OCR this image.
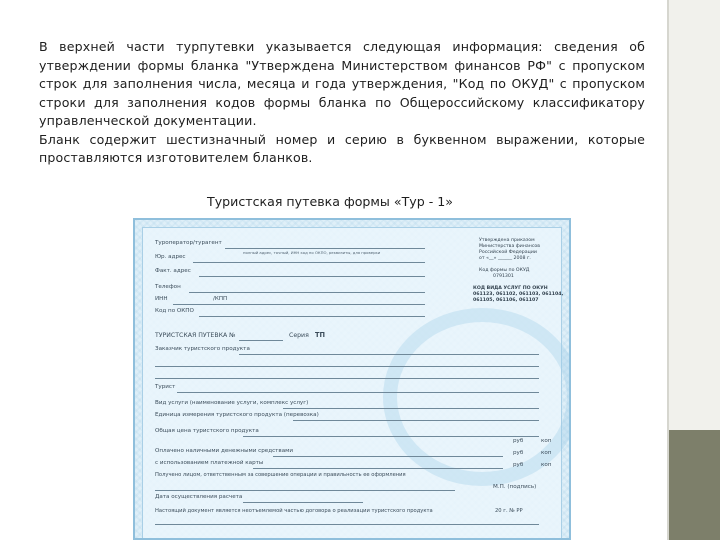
В верхней части турпутевки указывается следующая информация: сведения об утверждении формы бланка "Утверждена Министерством финансов РФ" с пропуском строк для заполнения числа, месяца и года утверждения, "Код по ОКУД" с пропуском строки для заполнения кодов формы бланка по Общероссийскому классификатору управленческой документации.

Бланк содержит шестизначный номер и серию в буквенном выражении, которые проставляются изготовителем бланков.

Туристская путевка формы «Тур - 1»
Туроператор/турагент
полный адрес, точный, ИНН код по ОКПО, реквизиты, для проверки
Юр. адрес
Факт. адрес
Телефон
ИНН	/КПП
Код по ОКПО
Утверждена приказом
Министерства финансов
Российской Федерации
от «__» ______ 2008 г.
Код формы по ОКУД
0791301
КОД ВИДА УСЛУГ ПО ОКУН
061123, 061102, 061103, 061104,
061105, 061106, 061107
ТУРИСТСКАЯ ПУТЕВКА №	Серия ТП
Заказчик туристского продукта
Турист
Вид услуги (наименование услуги, комплекс услуг)
Единица измерения туристского продукта (перевозка)
Общая цена туристского продукта
руб	коп
Оплачено наличными денежными средствами	руб	коп
с использованием платежной карты	руб	коп
Получено лицом, ответственным за совершение операции и правильность ее оформления
М.П. (подпись)
Дата осуществления расчета
Настоящий документ является неотъемлемой частью договора о реализации туристского продукта	20 г. № РР
